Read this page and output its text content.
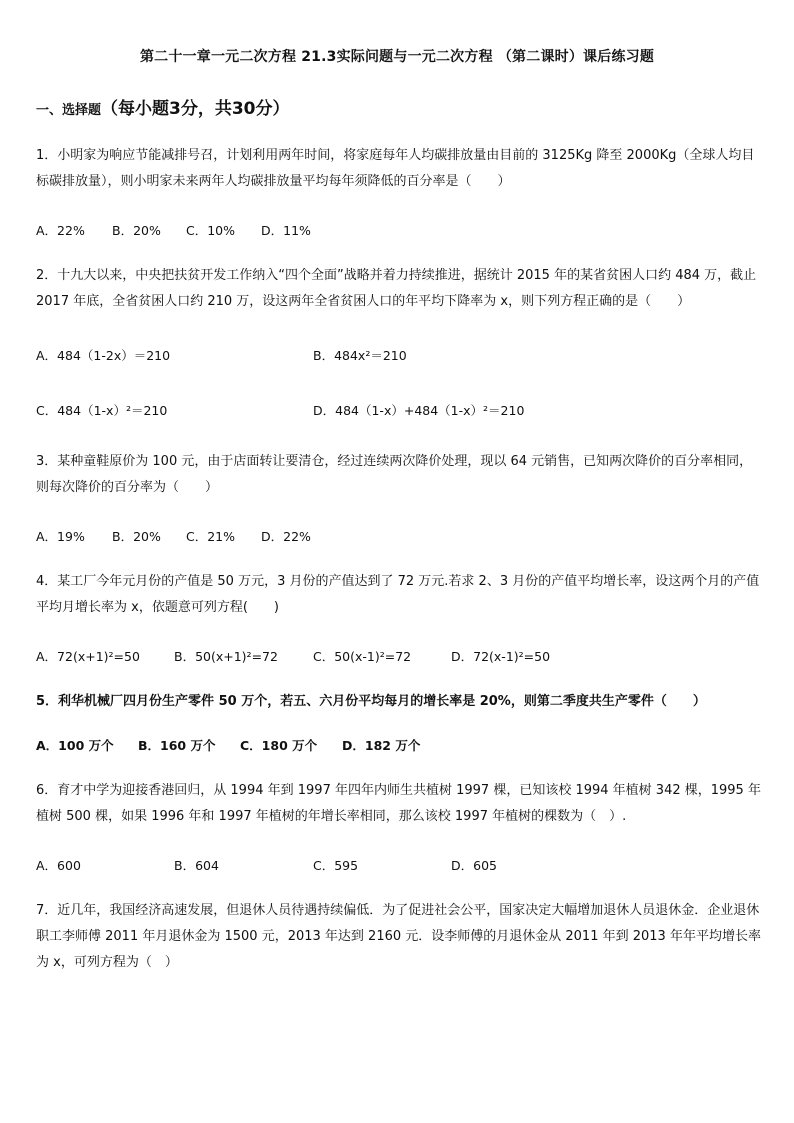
第二十一章一元二次方程 21.3实际问题与一元二次方程 （第二课时）课后练习题
一、选择题（每小题3分，共30分）

1．小明家为响应节能减排号召，计划利用两年时间，将家庭每年人均碳排放量由目前的 3125Kg 降至 2000Kg（全球人均目标碳排放量），则小明家未来两年人均碳排放量平均每年须降低的百分率是（　　）

A．22% B．20% C．10% D．11%

2．十九大以来，中央把扶贫开发工作纳入“四个全面”战略并着力持续推进，据统计 2015 年的某省贫困人口约 484 万，截止 2017 年底，全省贫困人口约 210 万，设这两年全省贫困人口的年平均下降率为 x，则下列方程正确的是（　　）

A．484（1-2x）＝210	B．484x²＝210
C．484（1-x）²＝210	D．484（1-x）+484（1-x）²＝210

3．某种童鞋原价为 100 元，由于店面转让要清仓，经过连续两次降价处理，现以 64 元销售，已知两次降价的百分率相同，则每次降价的百分率为（　　）

A．19% B．20% C．21% D．22%

4．某工厂今年元月份的产值是 50 万元，3 月份的产值达到了 72 万元.若求 2、3 月份的产值平均增长率，设这两个月的产值平均月增长率为 x，依题意可列方程(　　)

A．72(x+1)²=50	B．50(x+1)²=72	C．50(x-1)²=72	D．72(x-1)²=50

5．利华机械厂四月份生产零件 50 万个，若五、六月份平均每月的增长率是 20%，则第二季度共生产零件（　　）

A．100 万个 B．160 万个 C．180 万个 D．182 万个

6．育才中学为迎接香港回归，从 1994 年到 1997 年四年内师生共植树 1997 棵，已知该校 1994 年植树 342 棵，1995 年植树 500 棵，如果 1996 年和 1997 年植树的年增长率相同，那么该校 1997 年植树的棵数为（　）.

A．600	B．604	C．595	D．605

7．近几年，我国经济高速发展，但退休人员待遇持续偏低．为了促进社会公平，国家决定大幅增加退休人员退休金．企业退休职工李师傅 2011 年月退休金为 1500 元，2013 年达到 2160 元．设李师傅的月退休金从 2011 年到 2013 年年平均增长率为 x，可列方程为（　）
